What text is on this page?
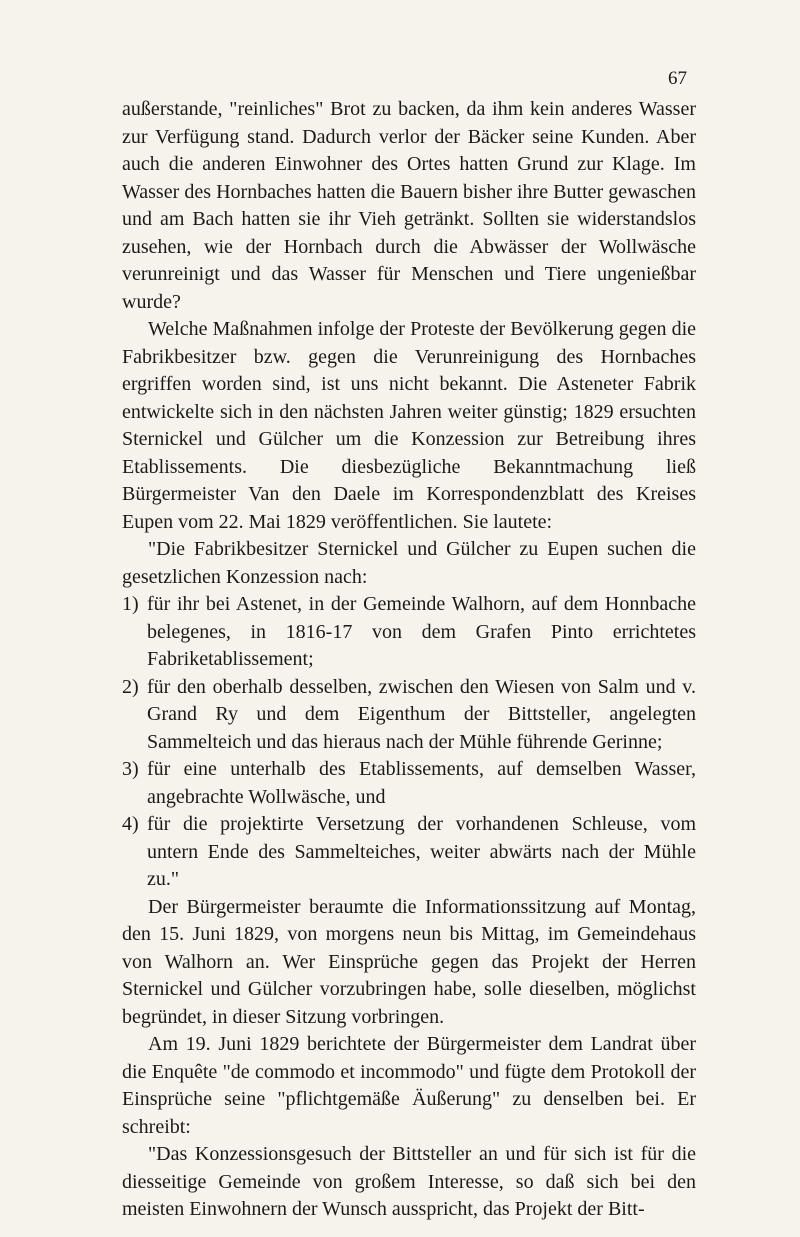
67

außerstande, "reinliches" Brot zu backen, da ihm kein anderes Wasser zur Verfügung stand. Dadurch verlor der Bäcker seine Kunden. Aber auch die anderen Einwohner des Ortes hatten Grund zur Klage. Im Wasser des Hornbaches hatten die Bauern bisher ihre Butter gewaschen und am Bach hatten sie ihr Vieh getränkt. Sollten sie widerstandslos zusehen, wie der Hornbach durch die Abwässer der Wollwäsche verunreinigt und das Wasser für Menschen und Tiere ungenießbar wurde?

Welche Maßnahmen infolge der Proteste der Bevölkerung gegen die Fabrikbesitzer bzw. gegen die Verunreinigung des Hornbaches ergriffen worden sind, ist uns nicht bekannt. Die Asteneter Fabrik entwickelte sich in den nächsten Jahren weiter günstig; 1829 ersuchten Sternickel und Gülcher um die Konzession zur Betreibung ihres Etablissements. Die diesbezügliche Bekanntmachung ließ Bürgermeister Van den Daele im Korrespondenzblatt des Kreises Eupen vom 22. Mai 1829 veröffentlichen. Sie lautete:

"Die Fabrikbesitzer Sternickel und Gülcher zu Eupen suchen die gesetzlichen Konzession nach:

1) für ihr bei Astenet, in der Gemeinde Walhorn, auf dem Honnbache belegenes, in 1816-17 von dem Grafen Pinto errichtetes Fabriketablissement;
2) für den oberhalb desselben, zwischen den Wiesen von Salm und v. Grand Ry und dem Eigenthum der Bittsteller, angelegten Sammelteich und das hieraus nach der Mühle führende Gerinne;
3) für eine unterhalb des Etablissements, auf demselben Wasser, angebrachte Wollwäsche, und
4) für die projektirte Versetzung der vorhandenen Schleuse, vom untern Ende des Sammelteiches, weiter abwärts nach der Mühle zu."

Der Bürgermeister beraumte die Informationssitzung auf Montag, den 15. Juni 1829, von morgens neun bis Mittag, im Gemeindehaus von Walhorn an. Wer Einsprüche gegen das Projekt der Herren Sternickel und Gülcher vorzubringen habe, solle dieselben, möglichst begründet, in dieser Sitzung vorbringen.

Am 19. Juni 1829 berichtete der Bürgermeister dem Landrat über die Enquête "de commodo et incommodo" und fügte dem Protokoll der Einsprüche seine "pflichtgemäße Äußerung" zu denselben bei. Er schreibt:

"Das Konzessionsgesuch der Bittsteller an und für sich ist für die diesseitige Gemeinde von großem Interesse, so daß sich bei den meisten Einwohnern der Wunsch ausspricht, das Projekt der Bitt-
